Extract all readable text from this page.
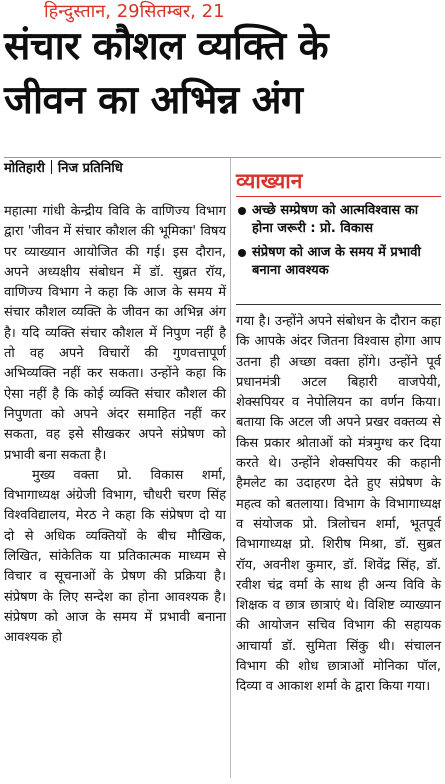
हिन्दुस्तान, 29सितम्बर, 21
संचार कौशल व्यक्ति के
जीवन का अभिन्न अंग
मोतिहारी निज प्रतिनिधि
व्याख्यान
अच्छे सम्प्रेषण को आत्मविश्वास का होना जरूरी : प्रो. विकास
संप्रेषण को आज के समय में प्रभावी बनाना आवश्यक

महात्मा गांधी केन्द्रीय विवि के वाणिज्य विभाग द्वारा 'जीवन में संचार कौशल की भूमिका' विषय पर व्याख्यान आयोजित की गई। इस दौरान, अपने अध्यक्षीय संबोधन में डॉ. सुब्रत रॉय, वाणिज्य विभाग ने कहा कि आज के समय में संचार कौशल व्यक्ति के जीवन का अभिन्न अंग है। यदि व्यक्ति संचार कौशल में निपुण नहीं है तो वह अपने विचारों की गुणवत्तापूर्ण अभिव्यक्ति नहीं कर सकता। उन्होंने कहा कि ऐसा नहीं है कि कोई व्यक्ति संचार कौशल की निपुणता को अपने अंदर समाहित नहीं कर सकता, वह इसे सीखकर अपने संप्रेषण को प्रभावी बना सकता है।

मुख्य वक्ता प्रो. विकास शर्मा, विभागाध्यक्ष अंग्रेजी विभाग, चौधरी चरण सिंह विश्वविद्यालय, मेरठ ने कहा कि संप्रेषण दो या दो से अधिक व्यक्तियों के बीच मौखिक, लिखित, सांकेतिक या प्रतिकात्मक माध्यम से विचार व सूचनाओं के प्रेषण की प्रक्रिया है। संप्रेषण के लिए सन्देश का होना आवश्यक है। संप्रेषण को आज के समय में प्रभावी बनाना आवश्यक हो

गया है। उन्होंने अपने संबोधन के दौरान कहा कि आपके अंदर जितना विश्वास होगा आप उतना ही अच्छा वक्ता होंगे। उन्होंने पूर्व प्रधानमंत्री अटल बिहारी वाजपेयी, शेक्सपियर व नेपोलियन का वर्णन किया।बताया कि अटल जी अपने प्रखर वक्तव्य से किस प्रकार श्रोताओं को मंत्रमुग्ध कर दिया करते थे। उन्होंने शेक्सपियर की कहानी हैमलेट का उदाहरण देते हुए संप्रेषण के महत्व को बतलाया। विभाग के विभागाध्यक्ष व संयोजक प्रो. त्रिलोचन शर्मा, भूतपूर्व विभागाध्यक्ष प्रो. शिरीष मिश्रा, डॉ. सुब्रत रॉय, अवनीश कुमार, डॉ. शिवेंद्र सिंह, डॉ. रवीश चंद्र वर्मा के साथ ही अन्य विवि के शिक्षक व छात्र छात्राएं थे। विशिष्ट व्याख्यान की आयोजन सचिव विभाग की सहायक आचार्या डॉ. सुमिता सिंकु थी। संचालन विभाग की शोध छात्राओं मोनिका पॉल, दिव्या व आकाश शर्मा के द्वारा किया गया।
